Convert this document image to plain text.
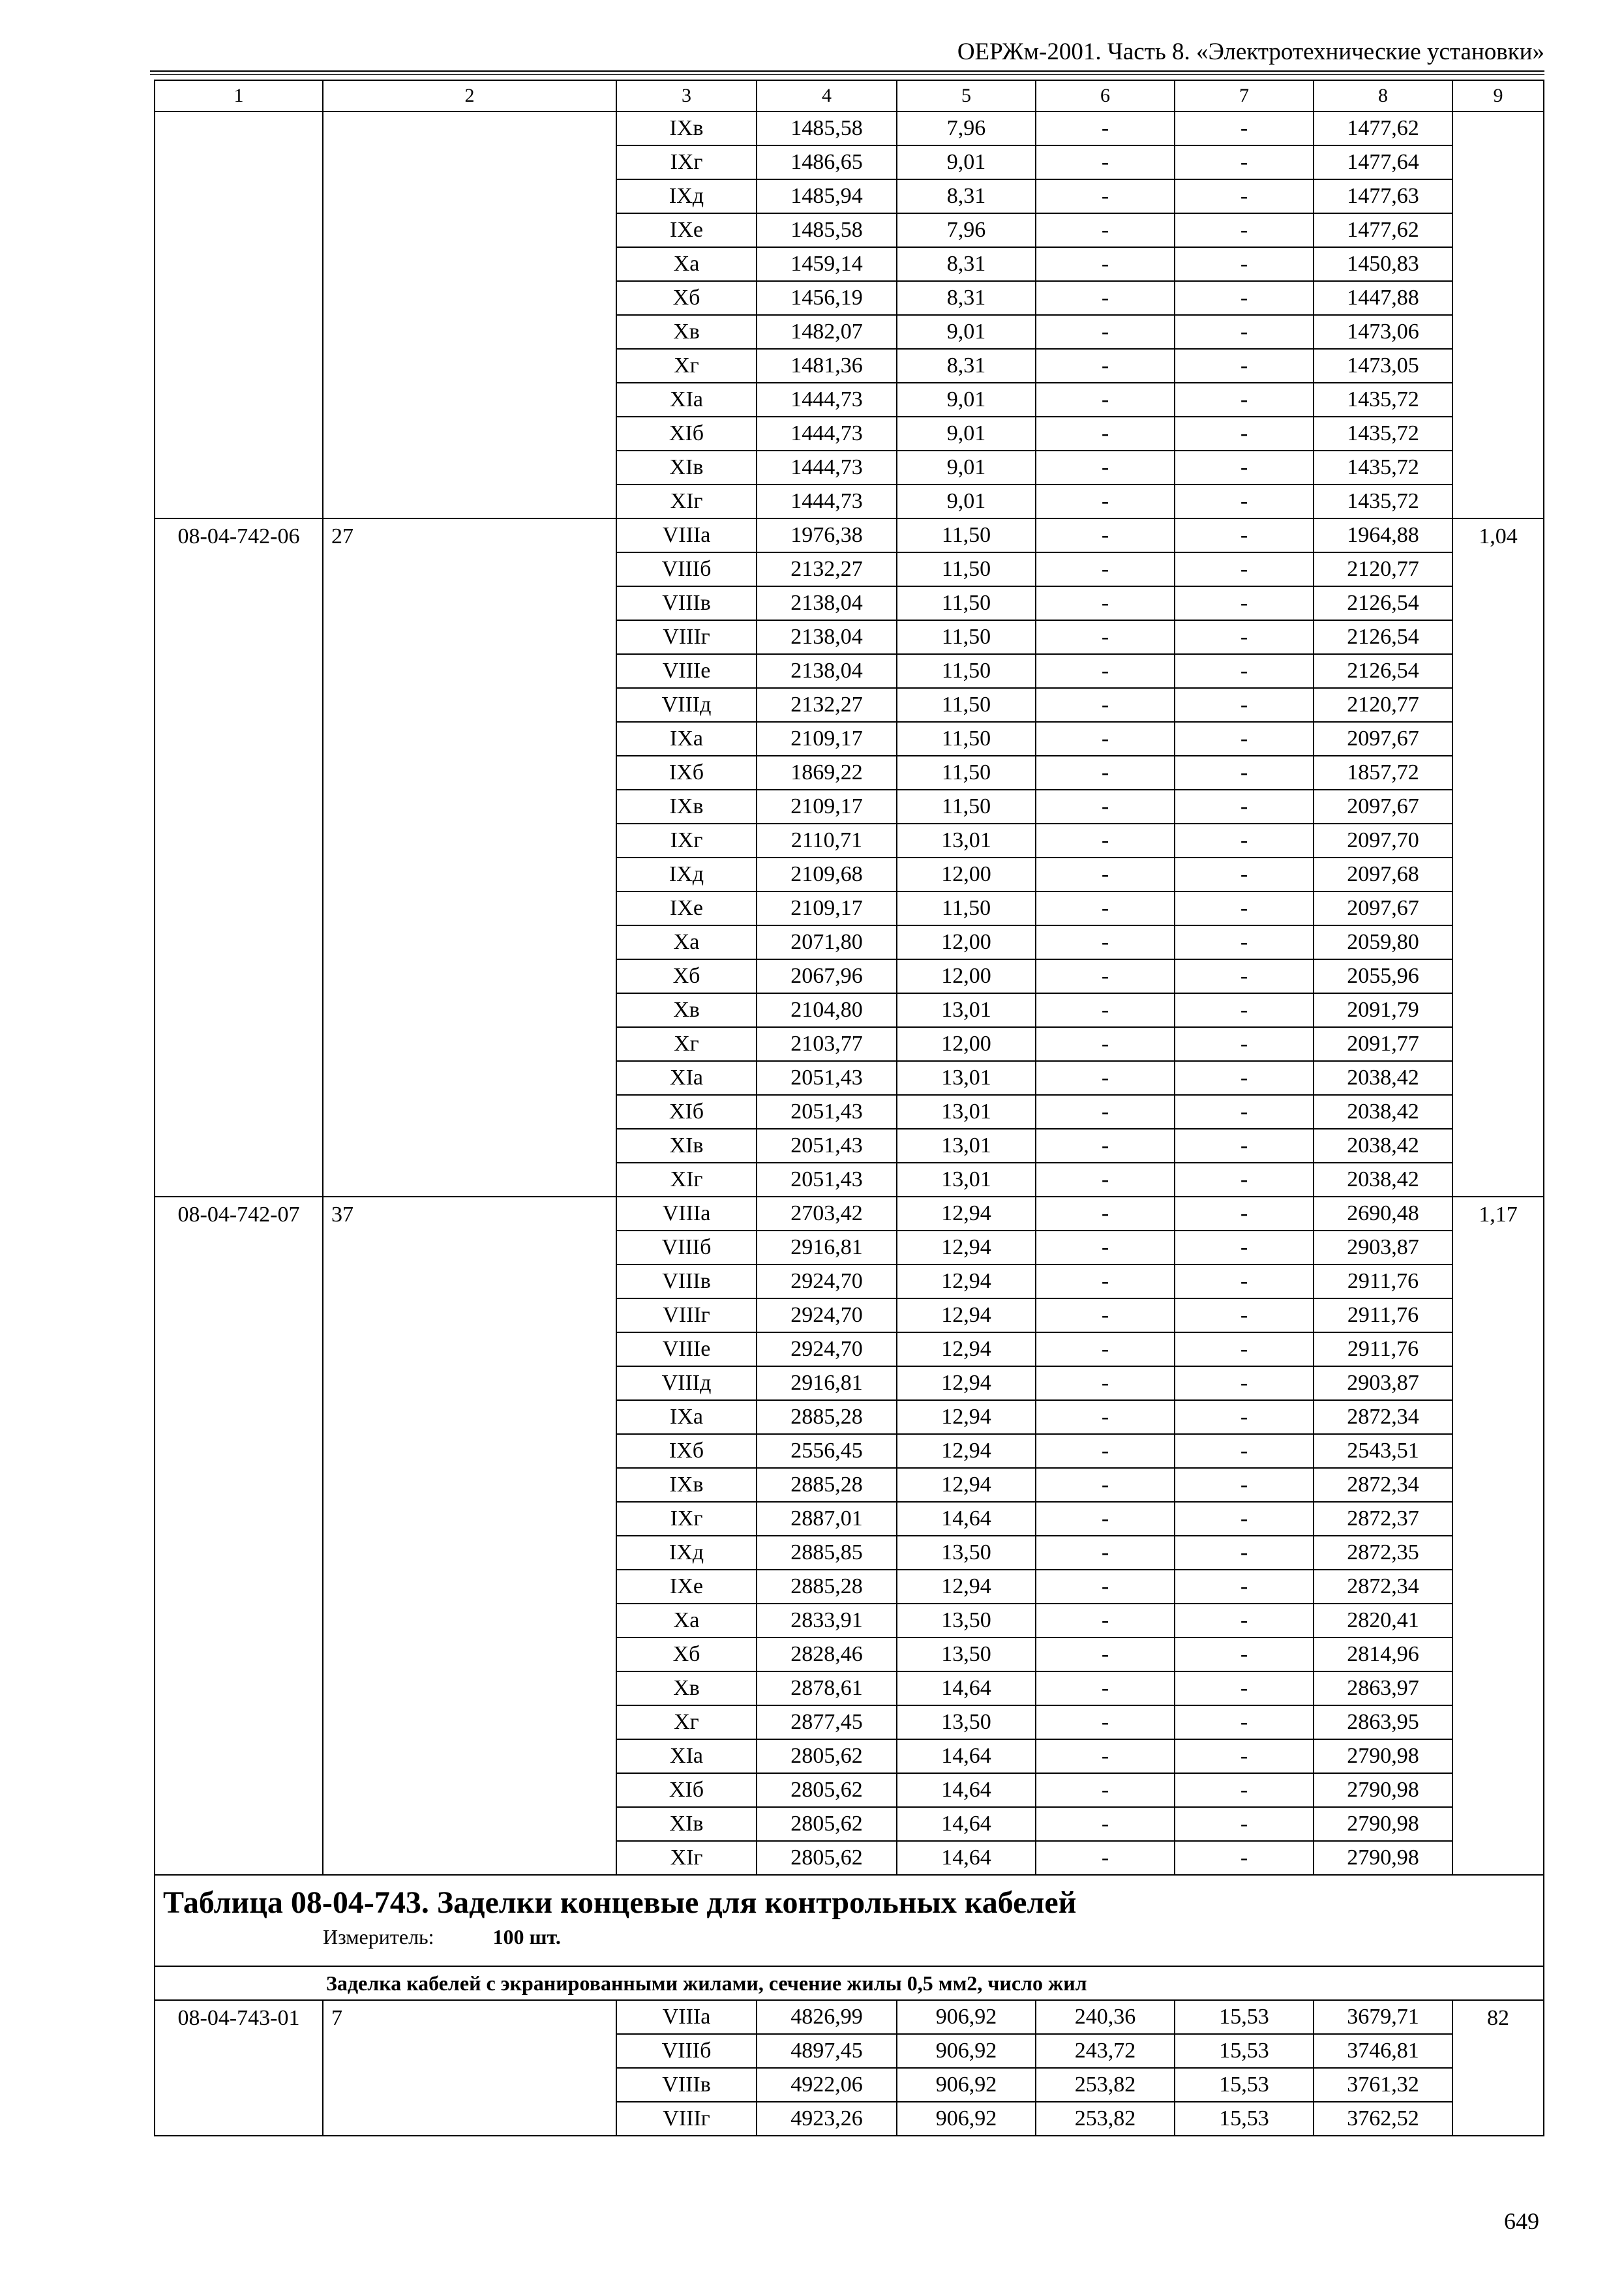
ОЕРЖм-2001. Часть 8. «Электротехнические установки»
1	2	3	4	5	6	7	8	9
		IXв	1485,58	7,96	-	-	1477,62	
		IXг	1486,65	9,01	-	-	1477,64	
		IXд	1485,94	8,31	-	-	1477,63	
		IXе	1485,58	7,96	-	-	1477,62	
		Xа	1459,14	8,31	-	-	1450,83	
		Xб	1456,19	8,31	-	-	1447,88	
		Xв	1482,07	9,01	-	-	1473,06	
		Xг	1481,36	8,31	-	-	1473,05	
		XIа	1444,73	9,01	-	-	1435,72	
		XIб	1444,73	9,01	-	-	1435,72	
		XIв	1444,73	9,01	-	-	1435,72	
		XIг	1444,73	9,01	-	-	1435,72	
08-04-742-06	27	VIIIа	1976,38	11,50	-	-	1964,88	1,04
		VIIIб	2132,27	11,50	-	-	2120,77	
		VIIIв	2138,04	11,50	-	-	2126,54	
		VIIIг	2138,04	11,50	-	-	2126,54	
		VIIIе	2138,04	11,50	-	-	2126,54	
		VIIIд	2132,27	11,50	-	-	2120,77	
		IXа	2109,17	11,50	-	-	2097,67	
		IXб	1869,22	11,50	-	-	1857,72	
		IXв	2109,17	11,50	-	-	2097,67	
		IXг	2110,71	13,01	-	-	2097,70	
		IXд	2109,68	12,00	-	-	2097,68	
		IXе	2109,17	11,50	-	-	2097,67	
		Xа	2071,80	12,00	-	-	2059,80	
		Xб	2067,96	12,00	-	-	2055,96	
		Xв	2104,80	13,01	-	-	2091,79	
		Xг	2103,77	12,00	-	-	2091,77	
		XIа	2051,43	13,01	-	-	2038,42	
		XIб	2051,43	13,01	-	-	2038,42	
		XIв	2051,43	13,01	-	-	2038,42	
		XIг	2051,43	13,01	-	-	2038,42	
08-04-742-07	37	VIIIа	2703,42	12,94	-	-	2690,48	1,17
		VIIIб	2916,81	12,94	-	-	2903,87	
		VIIIв	2924,70	12,94	-	-	2911,76	
		VIIIг	2924,70	12,94	-	-	2911,76	
		VIIIе	2924,70	12,94	-	-	2911,76	
		VIIIд	2916,81	12,94	-	-	2903,87	
		IXа	2885,28	12,94	-	-	2872,34	
		IXб	2556,45	12,94	-	-	2543,51	
		IXв	2885,28	12,94	-	-	2872,34	
		IXг	2887,01	14,64	-	-	2872,37	
		IXд	2885,85	13,50	-	-	2872,35	
		IXе	2885,28	12,94	-	-	2872,34	
		Xа	2833,91	13,50	-	-	2820,41	
		Xб	2828,46	13,50	-	-	2814,96	
		Xв	2878,61	14,64	-	-	2863,97	
		Xг	2877,45	13,50	-	-	2863,95	
		XIа	2805,62	14,64	-	-	2790,98	
		XIб	2805,62	14,64	-	-	2790,98	
		XIв	2805,62	14,64	-	-	2790,98	
		XIг	2805,62	14,64	-	-	2790,98	

Таблица 08-04-743. Заделки концевые для контрольных кабелей
Измеритель: 100 шт.								

Заделка кабелей с экранированными жилами, сечение жилы 0,5 мм2, число жил								
08-04-743-01	7	VIIIа	4826,99	906,92	240,36	15,53	3679,71	82
		VIIIб	4897,45	906,92	243,72	15,53	3746,81	
		VIIIв	4922,06	906,92	253,82	15,53	3761,32	
		VIIIг	4923,26	906,92	253,82	15,53	3762,52	
649
